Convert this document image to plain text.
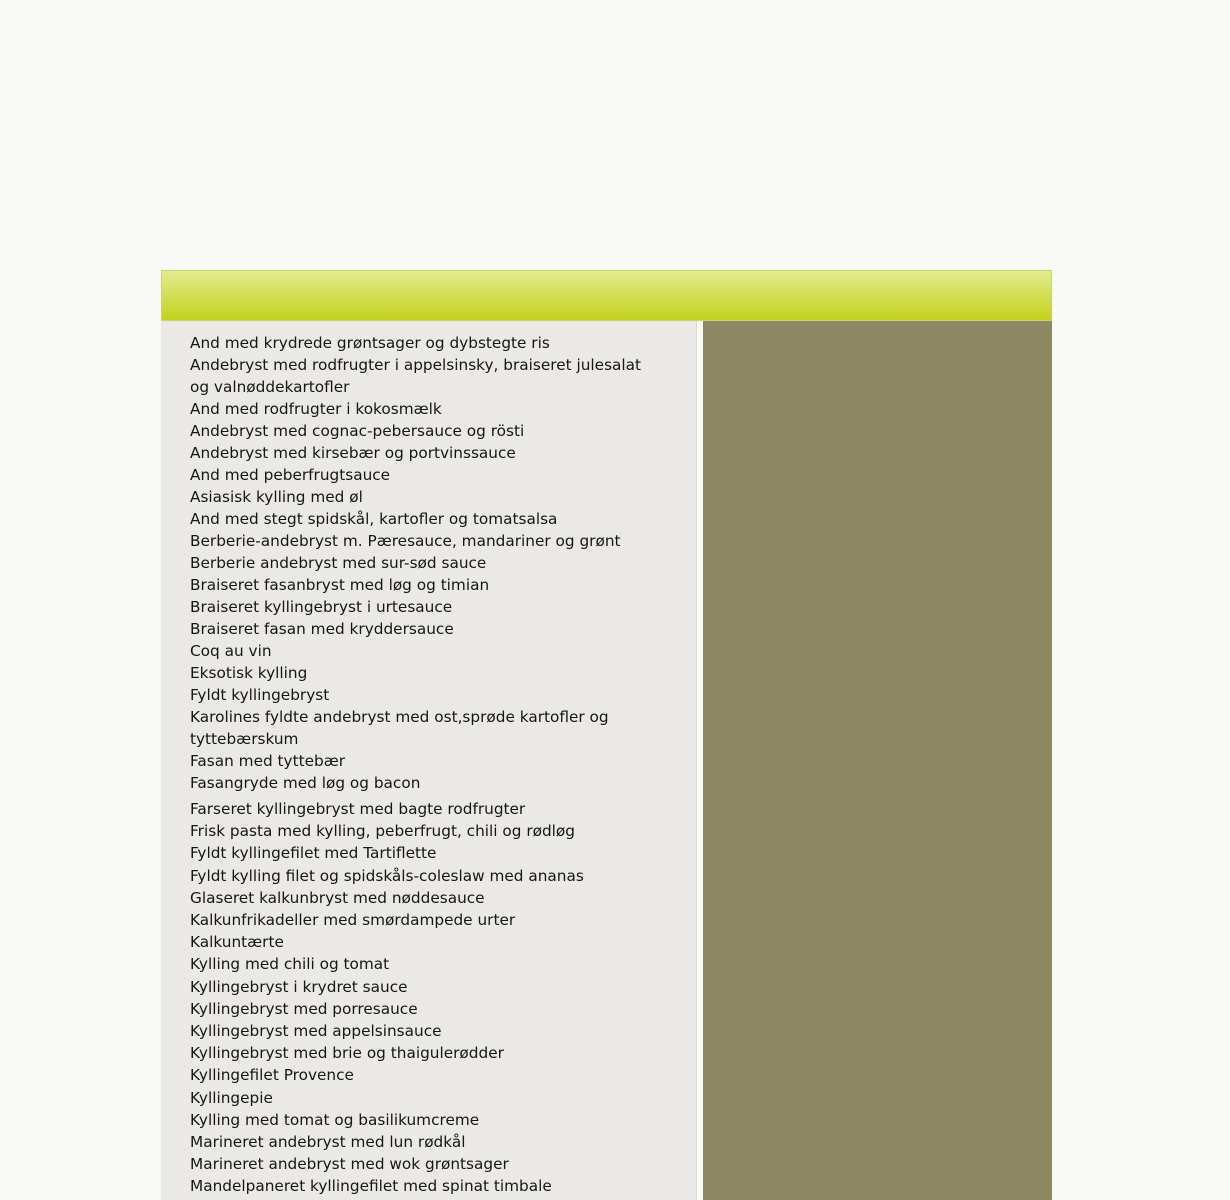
And med krydrede grøntsager og dybstegte ris
Andebryst med rodfrugter i appelsinsky, braiseret julesalat og valnøddekartofler
And med rodfrugter i kokosmælk
Andebryst med cognac-pebersauce og rösti
Andebryst med kirsebær og portvinssauce
And med peberfrugtsauce
Asiasisk kylling med øl
And med stegt spidskål, kartofler og tomatsalsa
Berberie-andebryst m. Pæresauce, mandariner og grønt
Berberie andebryst med sur-sød sauce
Braiseret fasanbryst med løg og timian
Braiseret kyllingebryst i urtesauce
Braiseret fasan med kryddersauce
Coq au vin
Eksotisk kylling
Fyldt kyllingebryst
Karolines fyldte andebryst med ost,sprøde kartofler og tyttebærskum
Fasan med tyttebær
Fasangryde med løg og bacon
Farseret kyllingebryst med bagte rodfrugter
Frisk pasta med kylling, peberfrugt, chili og rødløg
Fyldt kyllingefilet med Tartiflette
Fyldt kylling filet og spidskåls-coleslaw med ananas
Glaseret kalkunbryst med nøddesauce
Kalkunfrikadeller med smørdampede urter
Kalkuntærte
Kylling med chili og tomat
Kyllingebryst i krydret sauce
Kyllingebryst med porresauce
Kyllingebryst med appelsinsauce
Kyllingebryst med brie og thaigulerødder
Kyllingefilet Provence
Kyllingepie
Kylling med tomat og basilikumcreme
Marineret andebryst med lun rødkål
Marineret andebryst med wok grøntsager
Mandelpaneret kyllingefilet med spinat timbale
